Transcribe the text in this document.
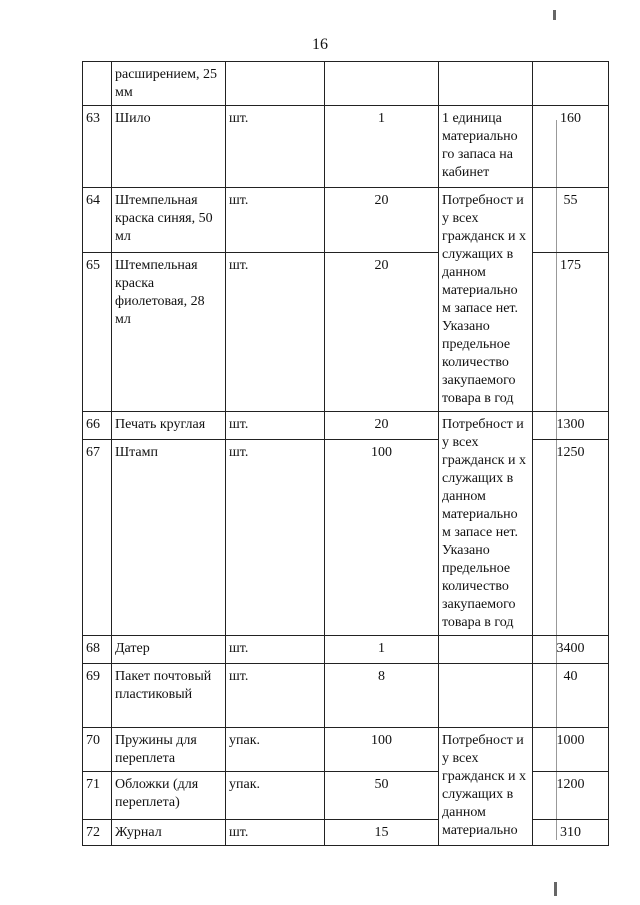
16
	расширением, 25 мм				
63	Шило	шт.	1	1 единица материально го запаса на кабинет	160
64	Штемпельная краска синяя, 50 мл	шт.	20	Потребност и у всех гражданск и х служащих в данном материально м запасе нет. Указано предельное количество закупаемого товара в год	55
65	Штемпельная краска фиолетовая, 28 мл	шт.	20		175
66	Печать круглая	шт.	20	Потребност и у всех гражданск и х служащих в данном материально м запасе нет. Указано предельное количество закупаемого товара в год	1300
67	Штамп	шт.	100		1250
68	Датер	шт.	1		3400
69	Пакет почтовый пластиковый	шт.	8		40
70	Пружины для переплета	упак.	100	Потребност и у всех гражданск и х служащих в данном материально	1000
71	Обложки (для переплета)	упак.	50		1200
72	Журнал	шт.	15		310
